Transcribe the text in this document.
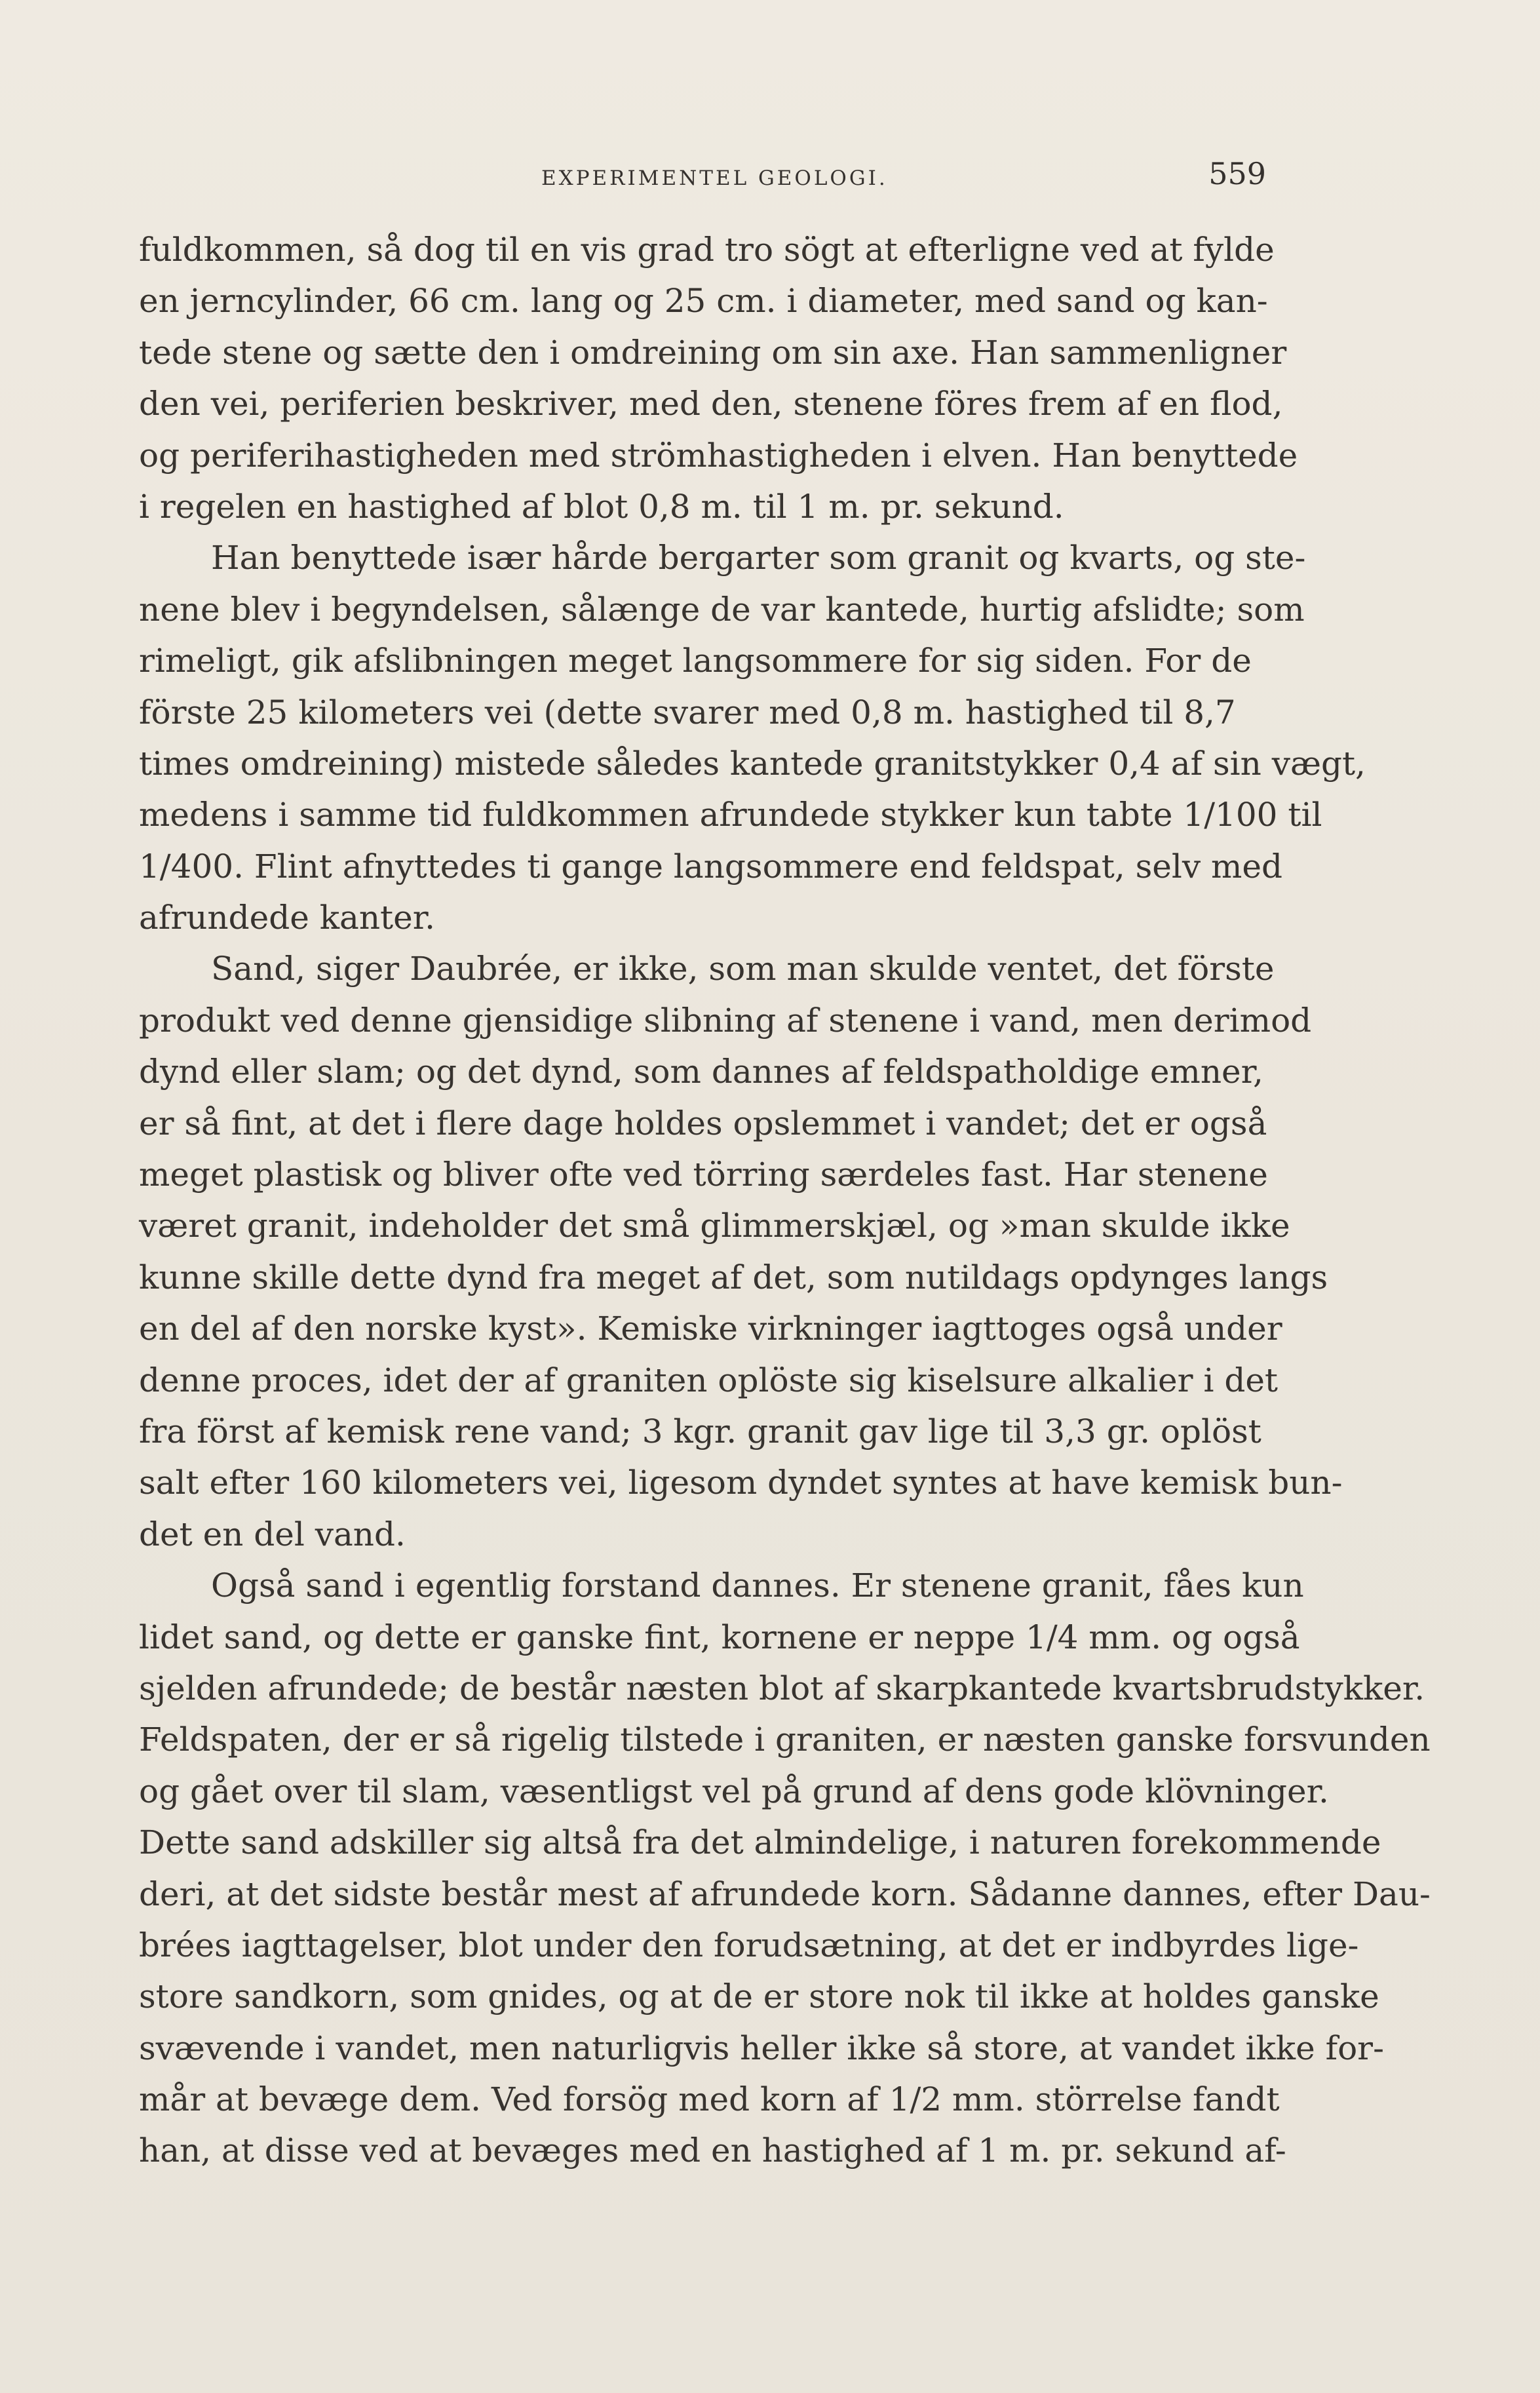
EXPERIMENTEL GEOLOGI.	559
fuldkommen, så dog til en vis grad tro sögt at efterligne ved at fylde
en jerncylinder, 66 cm. lang og 25 cm. i diameter, med sand og kan-
tede stene og sætte den i omdreining om sin axe. Han sammenligner
den vei, periferien beskriver, med den, stenene föres frem af en flod,
og periferihastigheden med strömhastigheden i elven. Han benyttede
i regelen en hastighed af blot 0,8 m. til 1 m. pr. sekund.
Han benyttede især hårde bergarter som granit og kvarts, og ste-
nene blev i begyndelsen, sålænge de var kantede, hurtig afslidte; som
rimeligt, gik afslibningen meget langsommere for sig siden. For de
förste 25 kilometers vei (dette svarer med 0,8 m. hastighed til 8,7
times omdreining) mistede således kantede granitstykker 0,4 af sin vægt,
medens i samme tid fuldkommen afrundede stykker kun tabte 1/100 til
1/400. Flint afnyttedes ti gange langsommere end feldspat, selv med
afrundede kanter.
Sand, siger Daubrée, er ikke, som man skulde ventet, det förste
produkt ved denne gjensidige slibning af stenene i vand, men derimod
dynd eller slam; og det dynd, som dannes af feldspatholdige emner,
er så fint, at det i flere dage holdes opslemmet i vandet; det er også
meget plastisk og bliver ofte ved törring særdeles fast. Har stenene
været granit, indeholder det små glimmerskjæl, og »man skulde ikke
kunne skille dette dynd fra meget af det, som nutildags opdynges langs
en del af den norske kyst». Kemiske virkninger iagttoges også under
denne proces, idet der af graniten oplöste sig kiselsure alkalier i det
fra först af kemisk rene vand; 3 kgr. granit gav lige til 3,3 gr. oplöst
salt efter 160 kilometers vei, ligesom dyndet syntes at have kemisk bun-
det en del vand.
Også sand i egentlig forstand dannes. Er stenene granit, fåes kun
lidet sand, og dette er ganske fint, kornene er neppe 1/4 mm. og også
sjelden afrundede; de består næsten blot af skarpkantede kvartsbrudstykker.
Feldspaten, der er så rigelig tilstede i graniten, er næsten ganske forsvunden
og gået over til slam, væsentligst vel på grund af dens gode klövninger.
Dette sand adskiller sig altså fra det almindelige, i naturen forekommende
deri, at det sidste består mest af afrundede korn. Sådanne dannes, efter Dau-
brées iagttagelser, blot under den forudsætning, at det er indbyrdes lige-
store sandkorn, som gnides, og at de er store nok til ikke at holdes ganske
svævende i vandet, men naturligvis heller ikke så store, at vandet ikke for-
mår at bevæge dem. Ved forsög med korn af 1/2 mm. störrelse fandt
han, at disse ved at bevæges med en hastighed af 1 m. pr. sekund af-
